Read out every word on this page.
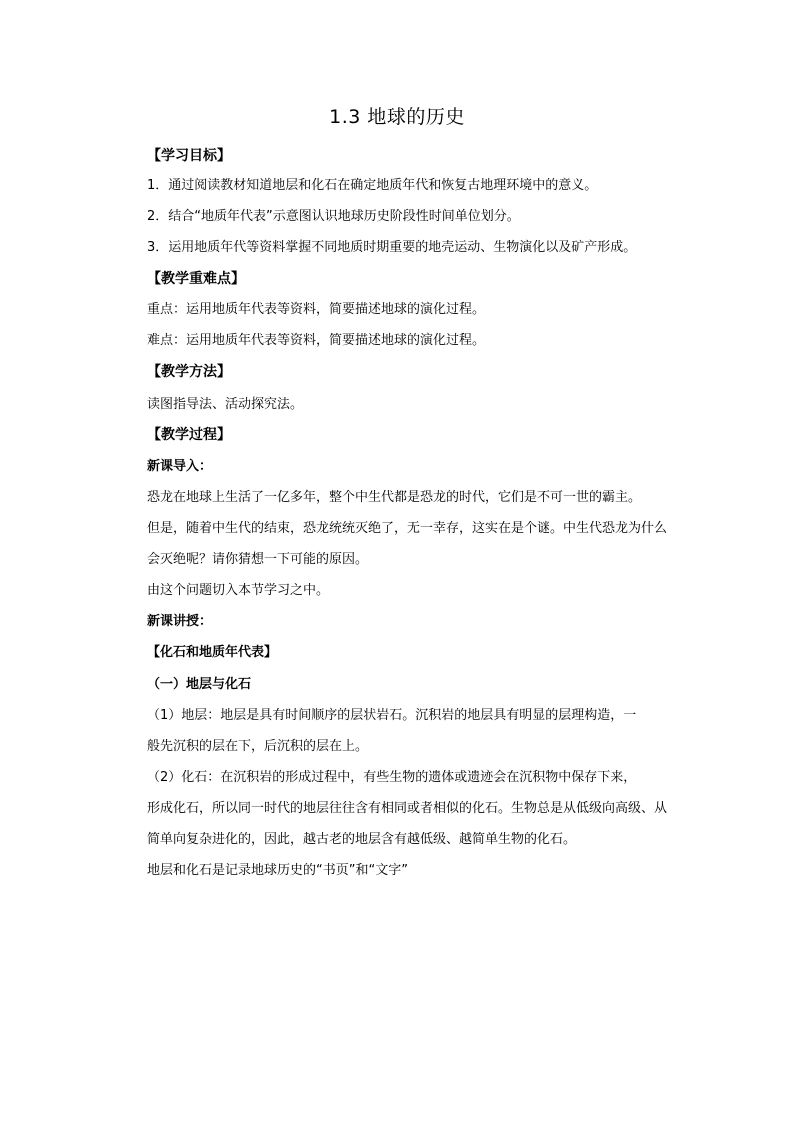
1.3 地球的历史
【学习目标】
1．通过阅读教材知道地层和化石在确定地质年代和恢复古地理环境中的意义。
2．结合“地质年代表”示意图认识地球历史阶段性时间单位划分。
3．运用地质年代等资料掌握不同地质时期重要的地壳运动、生物演化以及矿产形成。
【教学重难点】
重点：运用地质年代表等资料，简要描述地球的演化过程。
难点：运用地质年代表等资料，简要描述地球的演化过程。
【教学方法】
读图指导法、活动探究法。
【教学过程】
新课导入：
恐龙在地球上生活了一亿多年，整个中生代都是恐龙的时代，它们是不可一世的霸主。
但是，随着中生代的结束，恐龙统统灭绝了，无一幸存，这实在是个谜。中生代恐龙为什么
会灭绝呢？请你猜想一下可能的原因。
由这个问题切入本节学习之中。
新课讲授：
【化石和地质年代表】
（一）地层与化石
（1）地层：地层是具有时间顺序的层状岩石。沉积岩的地层具有明显的层理构造，一
般先沉积的层在下，后沉积的层在上。
（2）化石：在沉积岩的形成过程中，有些生物的遗体或遗迹会在沉积物中保存下来，
形成化石，所以同一时代的地层往往含有相同或者相似的化石。生物总是从低级向高级、从
简单向复杂进化的，因此，越古老的地层含有越低级、越简单生物的化石。
地层和化石是记录地球历史的“书页”和“文字”
